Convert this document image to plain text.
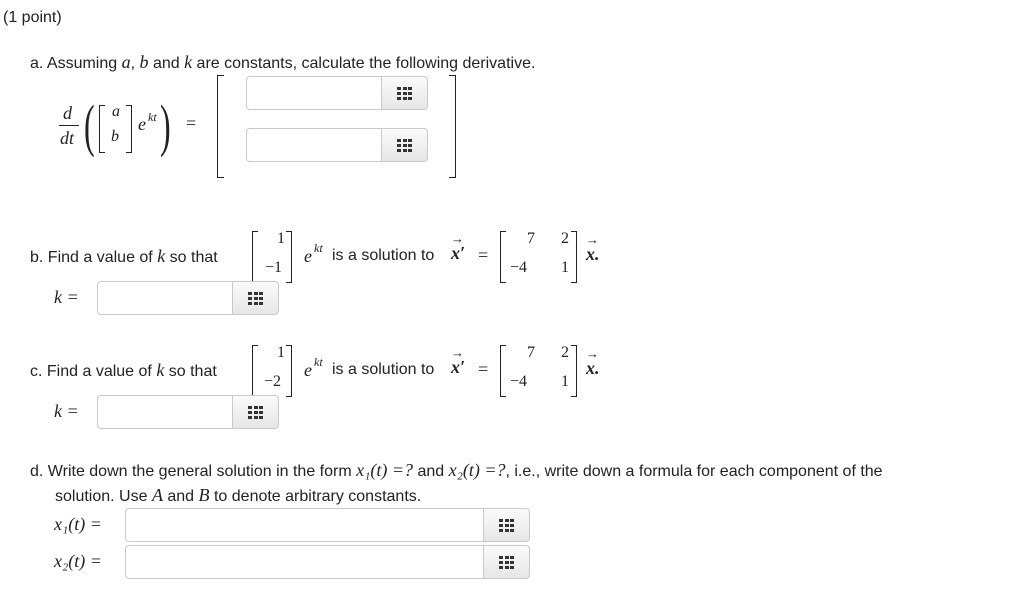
(1 point)
a. Assuming a, b and k are constants, calculate the following derivative.
d
dt ( )
a
b
e kt =
b. Find a value of k so that
1
−1
e kt is a solution to
→
x′ =
7 2
−4 1
→
x.
k =
c. Find a value of k so that
1
−2
e kt is a solution to
→
x′ =
7 2
−4 1
→
x.
k =
d. Write down the general solution in the form x₁(t) =? and x₂(t) =?, i.e., write down a formula for each component of the
solution. Use A and B to denote arbitrary constants.
x₁(t) =
x₂(t) =
